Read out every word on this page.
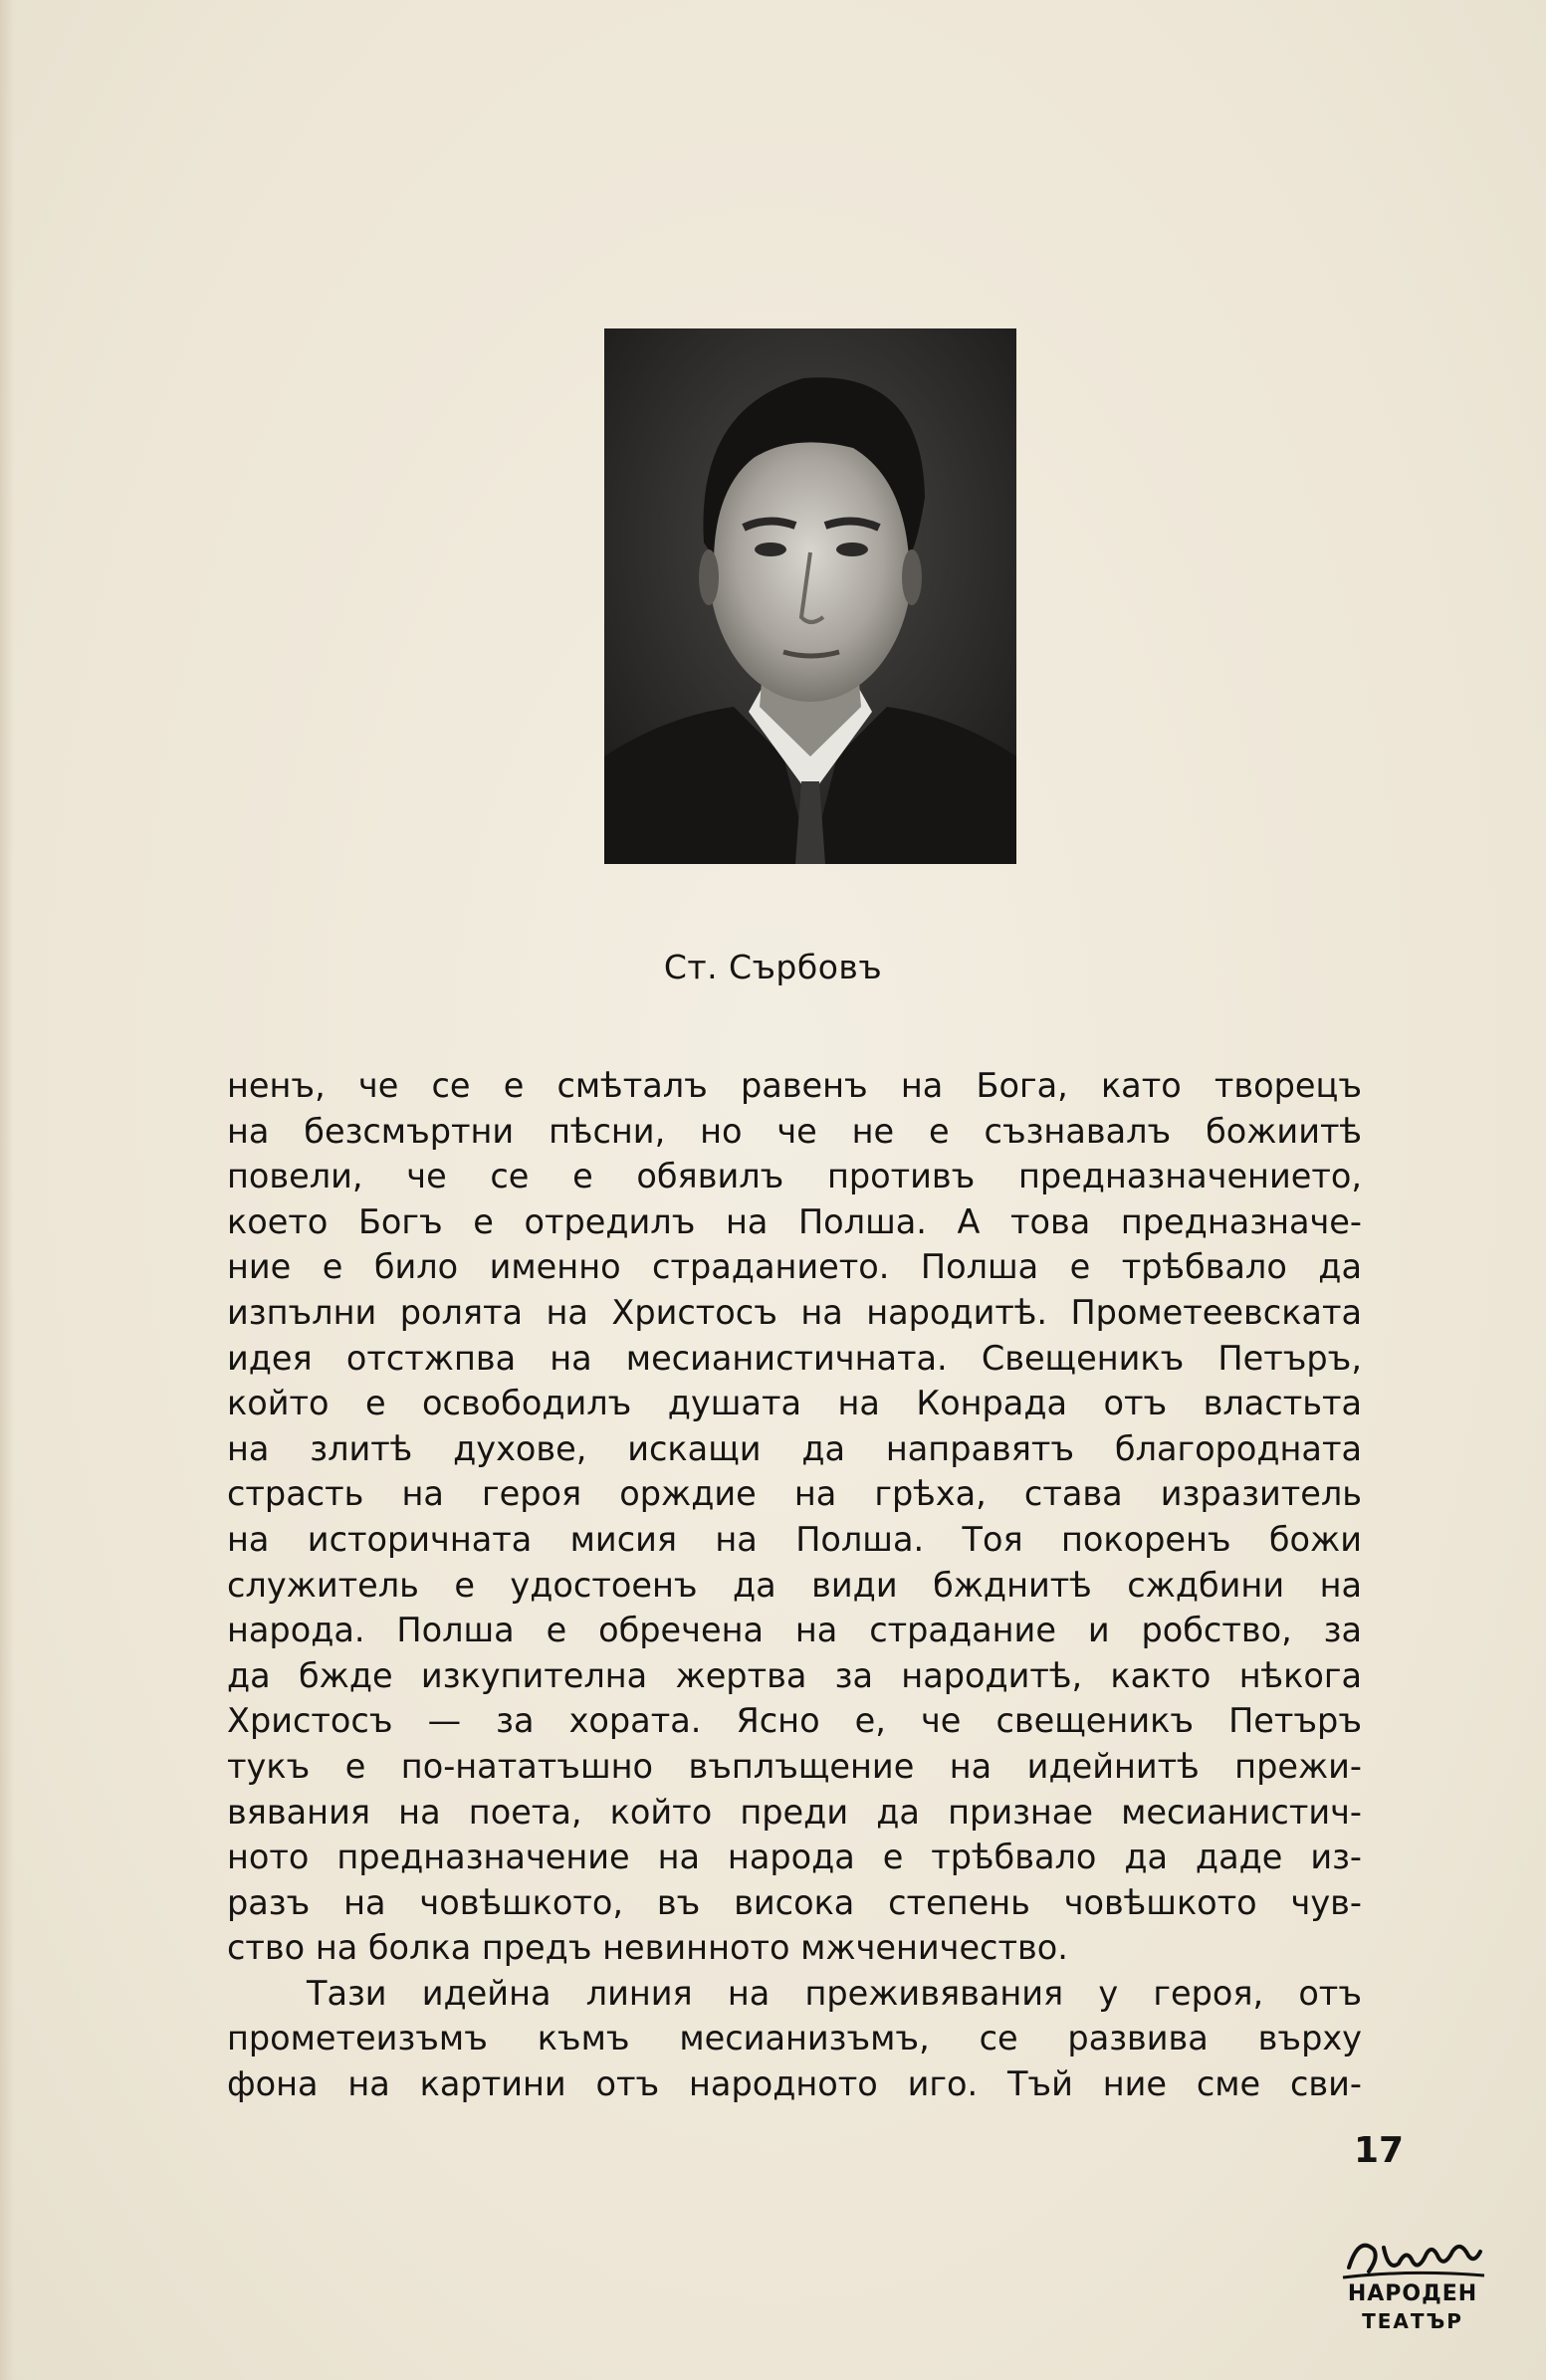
Ст. Сърбовъ
ненъ, че се е смѣталъ равенъ на Бога, като творецъ
на безсмъртни пѣсни, но че не е съзнавалъ божиитѣ
повели, че се е обявилъ противъ предназначението,
което Богъ е отредилъ на Полша. А това предназначе-
ние е било именно страданието. Полша е трѣбвало да
изпълни ролята на Христосъ на народитѣ. Прометеевската
идея отстжпва на месианистичната. Свещеникъ Петъръ,
който е освободилъ душата на Конрада отъ властьта
на злитѣ духове, искащи да направятъ благородната
страсть на героя орждие на грѣха, става изразитель
на историчната мисия на Полша. Тоя покоренъ божи
служитель е удостоенъ да види бжднитѣ сждбини на
народа. Полша е обречена на страдание и робство, за
да бжде изкупителна жертва за народитѣ, както нѣкога
Христосъ — за хората. Ясно е, че свещеникъ Петъръ
тукъ е по-нататъшно въплъщение на идейнитѣ прежи-
вявания на поета, който преди да признае месианистич-
ното предназначение на народа е трѣбвало да даде из-
разъ на човѣшкото, въ висока степень човѣшкото чув-
ство на болка предъ невинното мжченичество.
Тази идейна линия на преживявания у героя, отъ
прометеизъмъ къмъ месианизъмъ, се развива върху
фона на картини отъ народното иго. Тъй ние сме сви-
17
НАРОДЕН
ТЕАТЪР
